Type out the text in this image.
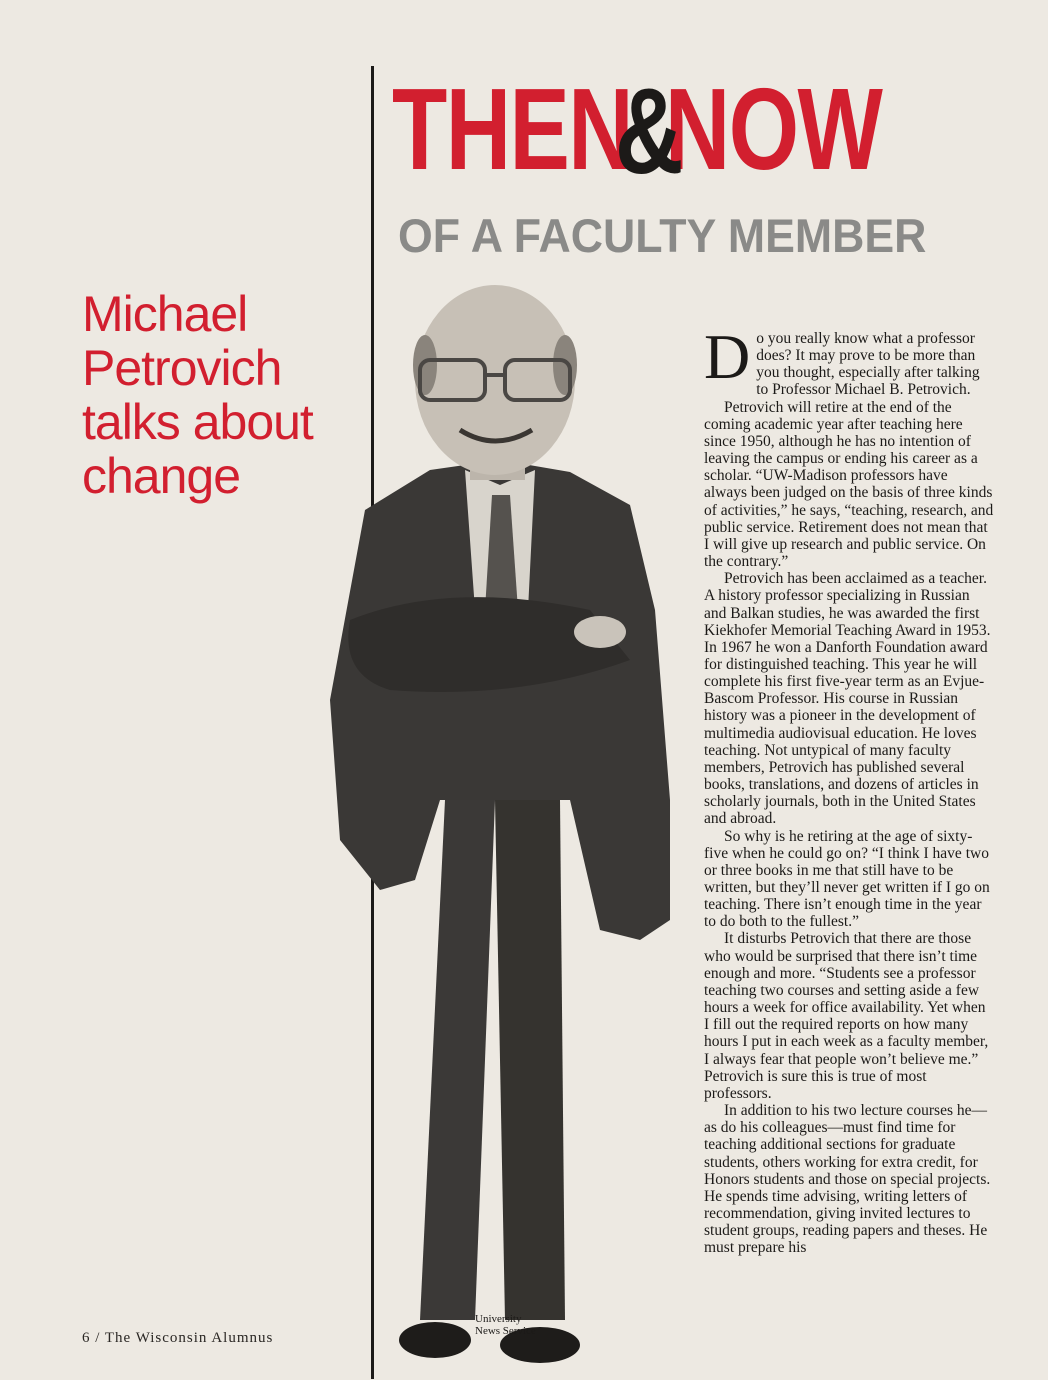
THEN&NOW
OF A FACULTY MEMBER
Michael
Petrovich
talks about
change

Do you really know what a professor does? It may prove to be more than you thought, especially after talking to Professor Michael B. Petrovich.

Petrovich will retire at the end of the coming academic year after teaching here since 1950, although he has no intention of leaving the campus or ending his career as a scholar. “UW-Madison professors have always been judged on the basis of three kinds of activities,” he says, “teaching, research, and public service. Retirement does not mean that I will give up research and public service. On the contrary.”

Petrovich has been acclaimed as a teacher. A history professor specializing in Russian and Balkan studies, he was awarded the first Kiekhofer Memorial Teaching Award in 1953. In 1967 he won a Danforth Foundation award for distinguished teaching. This year he will complete his first five-year term as an Evjue-Bascom Professor. His course in Russian history was a pioneer in the development of multimedia audiovisual education. He loves teaching. Not untypical of many faculty members, Petrovich has published several books, translations, and dozens of articles in scholarly journals, both in the United States and abroad.

So why is he retiring at the age of sixty-five when he could go on? “I think I have two or three books in me that still have to be written, but they’ll never get written if I go on teaching. There isn’t enough time in the year to do both to the fullest.”

It disturbs Petrovich that there are those who would be surprised that there isn’t time enough and more. “Students see a professor teaching two courses and setting aside a few hours a week for office availability. Yet when I fill out the required reports on how many hours I put in each week as a faculty member, I always fear that people won’t believe me.” Petrovich is sure this is true of most professors.

In addition to his two lecture courses he—as do his colleagues—must find time for teaching additional sections for graduate students, others working for extra credit, for Honors students and those on special projects. He spends time advising, writing letters of recommendation, giving invited lectures to student groups, reading papers and theses. He must prepare his

University
News Service
6 / The Wisconsin Alumnus
